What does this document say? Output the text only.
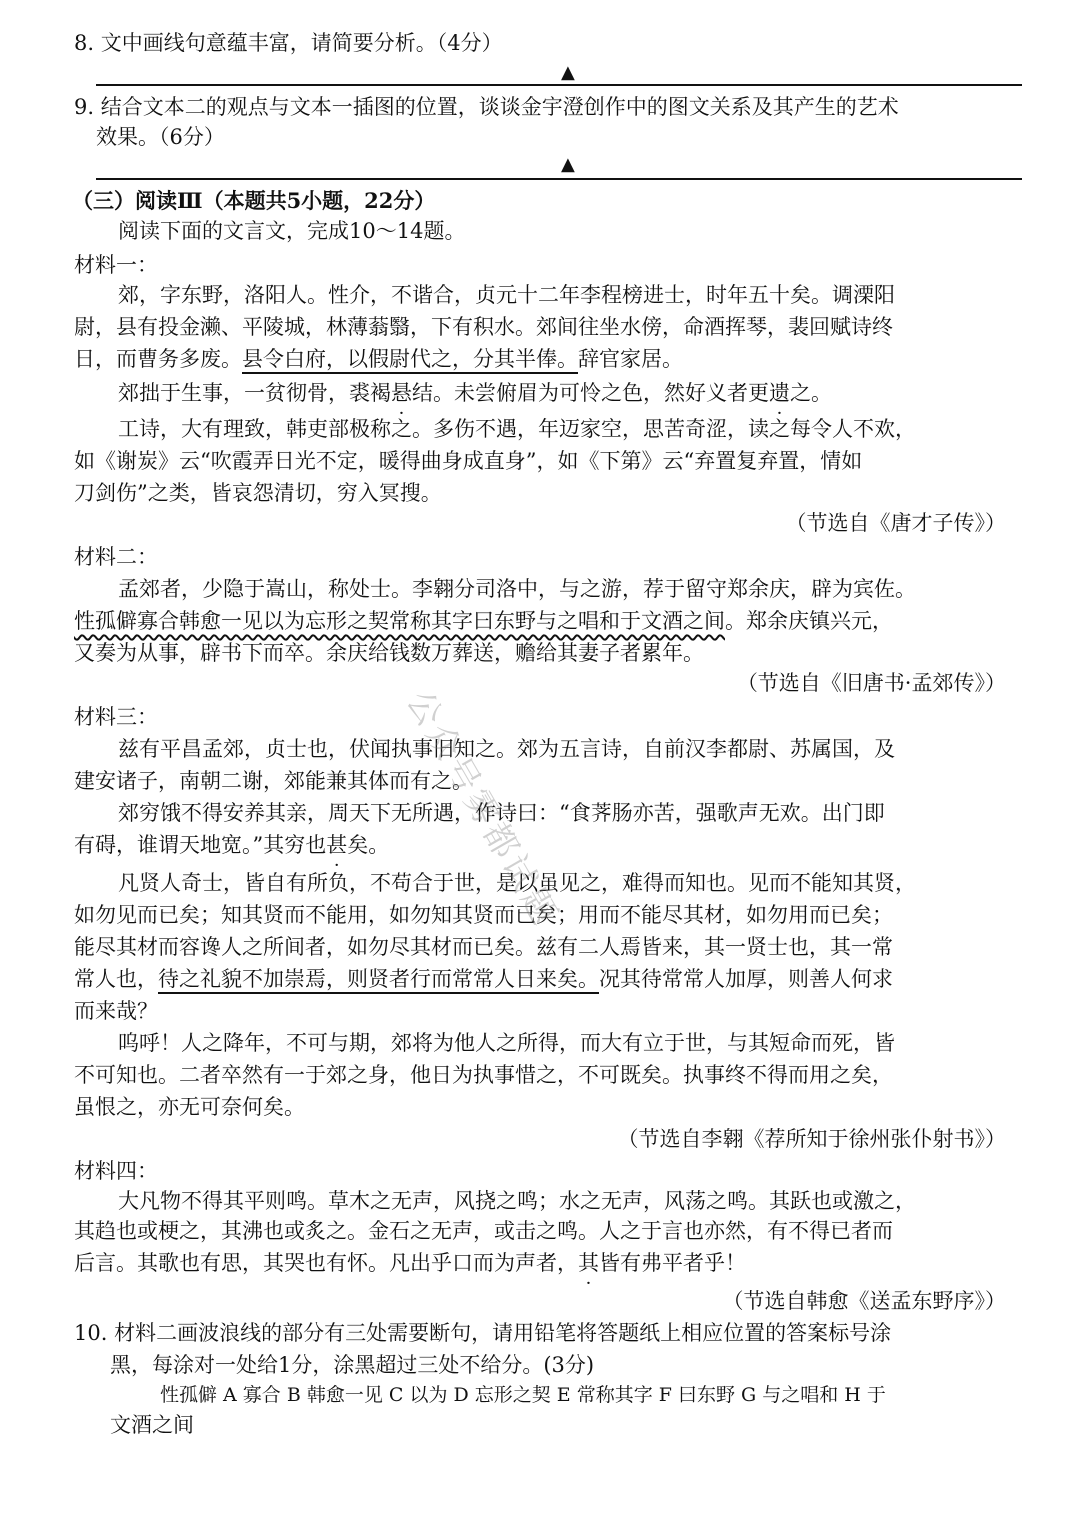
8. 文中画线句意蕴丰富，请简要分析。（4分）
▲
9. 结合文本二的观点与文本一插图的位置，谈谈金宇澄创作中的图文关系及其产生的艺术
效果。（6分）
▲
（三）阅读Ⅲ（本题共5小题，22分）
阅读下面的文言文，完成10～14题。
材料一：
郊，字东野，洛阳人。性介，不谐合，贞元十二年李程榜进士，时年五十矣。调溧阳
尉，县有投金濑、平陵城，林薄蓊翳，下有积水。郊间往坐水傍，命酒挥琴，裴回赋诗终
日，而曹务多废。县令白府，以假尉代之，分其半俸。辞官家居。
郊拙于生事，一贫彻骨，裘褐悬结。未尝俯眉为可怜之色，然好义者更遗之。
工诗，大有理致，韩吏部极称之。多伤不遇，年迈家空，思苦奇涩，读之每令人不欢，
如《谢炭》云“吹霞弄日光不定，暖得曲身成直身”，如《下第》云“弃置复弃置，情如
刀剑伤”之类，皆哀怨清切，穷入冥搜。
（节选自《唐才子传》）
材料二：
孟郊者，少隐于嵩山，称处士。李翱分司洛中，与之游，荐于留守郑余庆，辟为宾佐。
性孤僻寡合韩愈一见以为忘形之契常称其字曰东野与之唱和于文酒之间。郑余庆镇兴元，
又奏为从事，辟书下而卒。余庆给钱数万葬送，赡给其妻子者累年。
（节选自《旧唐书·孟郊传》）
材料三：
兹有平昌孟郊，贞士也，伏闻执事旧知之。郊为五言诗，自前汉李都尉、苏属国，及
建安诸子，南朝二谢，郊能兼其体而有之。
郊穷饿不得安养其亲，周天下无所遇，作诗曰：“食荠肠亦苦，强歌声无欢。出门即
有碍，谁谓天地宽。”其穷也甚矣。
凡贤人奇士，皆自有所负，不苟合于世，是以虽见之，难得而知也。见而不能知其贤，
如勿见而已矣；知其贤而不能用，如勿知其贤而已矣；用而不能尽其材，如勿用而已矣；
能尽其材而容谗人之所间者，如勿尽其材而已矣。兹有二人焉皆来，其一贤士也，其一常
常人也，待之礼貌不加崇焉，则贤者行而常常人日来矣。况其待常常人加厚，则善人何求
而来哉？
呜呼！人之降年，不可与期，郊将为他人之所得，而大有立于世，与其短命而死，皆
不可知也。二者卒然有一于郊之身，他日为执事惜之，不可既矣。执事终不得而用之矣，
虽恨之，亦无可奈何矣。
（节选自李翱《荐所知于徐州张仆射书》）
材料四：
大凡物不得其平则鸣。草木之无声，风挠之鸣；水之无声，风荡之鸣。其跃也或激之，
其趋也或梗之，其沸也或炙之。金石之无声，或击之鸣。人之于言也亦然，有不得已者而
后言。其歌也有思，其哭也有怀。凡出乎口而为声者，其皆有弗平者乎！
（节选自韩愈《送孟东野序》）
10. 材料二画波浪线的部分有三处需要断句，请用铅笔将答题纸上相应位置的答案标号涂
黑，每涂对一处给1分，涂黑超过三处不给分。(3分)
性孤僻 A 寡合 B 韩愈一见 C 以为 D 忘形之契 E 常称其字 F 曰东野 G 与之唱和 H 于
文酒之间
公众号雾都试题
